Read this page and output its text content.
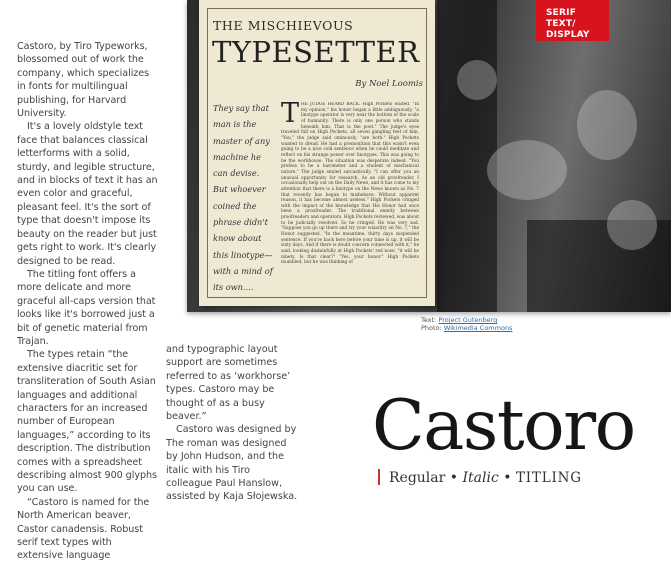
Castoro, by Tiro Typeworks, blossomed out of work the company, which specializes in fonts for multilingual publishing, for Harvard University.

It's a lovely oldstyle text face that balances classical letterforms with a solid, sturdy, and legible structure, and in blocks of text it has an even color and graceful, pleasant feel. It's the sort of type that doesn't impose its beauty on the reader but just gets right to work. It's clearly designed to be read.

The titling font offers a more delicate and more graceful all-caps version that looks like it's borrowed just a bit of genetic material from Trajan.

The types retain “the extensive diacritic set for transliteration of South Asian languages and additional characters for an increased number of European languages,” according to its description. The distribution comes with a spreadsheet describing almost 900 glyphs you can use.

“Castoro is named for the North American beaver, Castor canadensis. Robust serif text types with extensive language

and typographic layout support are sometimes referred to as ‘workhorse’ types. Castoro may be thought of as a busy beaver.”

Castoro was designed by The roman was designed by John Hudson, and the italic with his Tiro colleague Paul Hanslow, assisted by Kaja Słojewska.

THE MISCHIEVOUS
TYPESETTER
By Noel Loomis
They say that man is the master of any machine he can devise. But whoever coined the phrase didn't know about this linotype—with a mind of its own....
THE JUDGE HEARD BACK. High Pockets waited. "In my opinion," his honor began a little ambiguously, "a linotype operator is very near the bottom of the scale of humanity. There is only one person who stands beneath him. That is the poet." The judge's eyes traveled full on High Pockets, all seven gangling feet of him. "You," the judge said ominously, "are both." High Pockets wanted to dread. He had a premonition that this wasn't even going to be a nice cold sentence when he could meditate and reflect on his strange power over linotypes. This was going to be the workhouse. The situation was desperate indeed. "You profess to be a barometer and a student of mechanical nature." The judge smiled sarcastically. "I can offer you an unusual opportunity for research. As an old proofreader, I occasionally help out on the Daily News, and it has come to my attention that there is a linotype on the News known as No. 7 that recently has begun to misbehave. Without apparent reason, it has become almost useless." High Pockets cringed with the impact of the knowledge that His Honor had once been a proofreader. The traditional enmity between proofreaders and operators, High Pockets reviewed, was about to be judicially resolved. So he cringed. He was very sad. "Suppose you go up there and try your wizardry on No. 7," the Honor suggested. "In the meantime, thirty days suspended sentence. If you're back here before your time is up, it will be sixty days. And if there is doubt concern connected with it," he said, looking disdainfully at High Pockets' red nose, "it will be ninety. Is that clear?" "Yes, your honor." High Pockets mumbled, but he was thinking of
SERIF TEXT/
DISPLAY
Text: Project Gutenberg
Photo: Wikimedia Commons
Castoro
Regular • Italic • TITLING
